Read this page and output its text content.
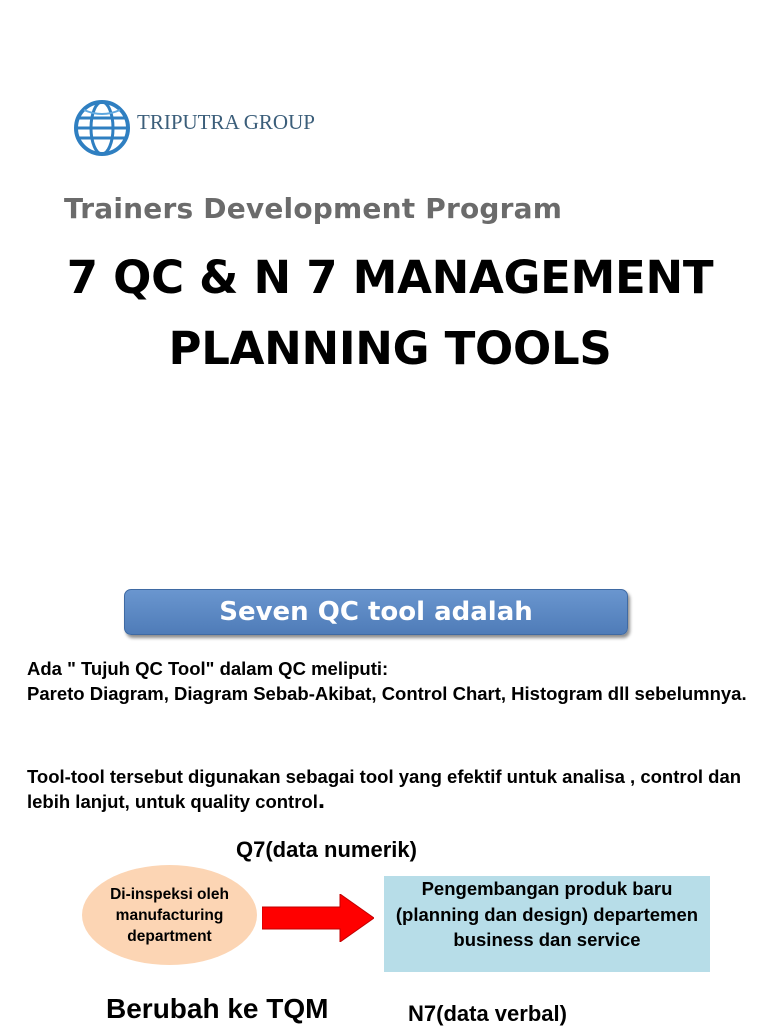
TRIPUTRA GROUP
Trainers Development Program
7 QC & N 7 MANAGEMENT
PLANNING TOOLS
Seven QC tool adalah
Ada " Tujuh QC Tool" dalam QC meliputi:
Pareto Diagram, Diagram Sebab-Akibat, Control Chart, Histogram dll sebelumnya.
Tool-tool tersebut digunakan sebagai tool yang efektif untuk analisa , control dan lebih lanjut, untuk quality control.
Q7(data numerik)
Di-inspeksi oleh manufacturing department
Pengembangan produk baru (planning dan design) departemen business dan service
Berubah ke TQM	N7(data verbal)
